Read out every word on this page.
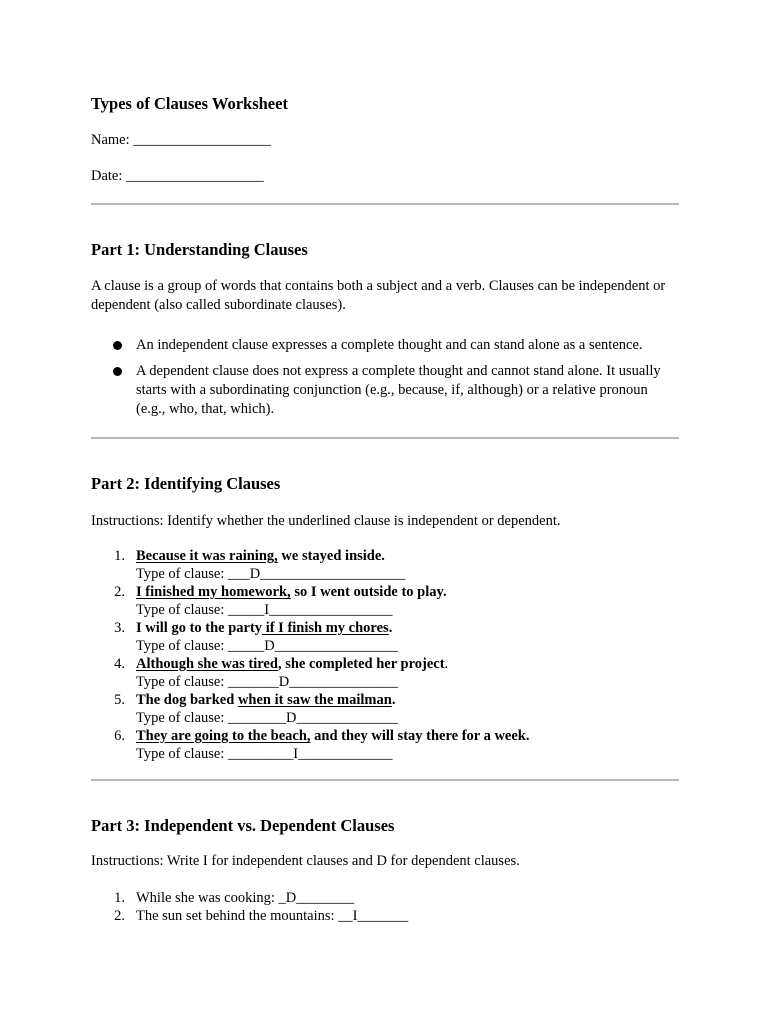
Types of Clauses Worksheet
Name: ___________________
Date: ___________________
Part 1: Understanding Clauses
A clause is a group of words that contains both a subject and a verb. Clauses can be independent or dependent (also called subordinate clauses).
An independent clause expresses a complete thought and can stand alone as a sentence.
A dependent clause does not express a complete thought and cannot stand alone. It usually starts with a subordinating conjunction (e.g., because, if, although) or a relative pronoun (e.g., who, that, which).
Part 2: Identifying Clauses
Instructions: Identify whether the underlined clause is independent or dependent.
1. Because it was raining, we stayed inside.
Type of clause: ___D____________________
2. I finished my homework, so I went outside to play.
Type of clause: _____I_________________
3. I will go to the party if I finish my chores.
Type of clause: _____D_________________
4. Although she was tired, she completed her project.
Type of clause: _______D_______________
5. The dog barked when it saw the mailman.
Type of clause: ________D______________
6. They are going to the beach, and they will stay there for a week.
Type of clause: _________I_____________
Part 3: Independent vs. Dependent Clauses
Instructions: Write I for independent clauses and D for dependent clauses.
1. While she was cooking: _D________
2. The sun set behind the mountains: __I_______
